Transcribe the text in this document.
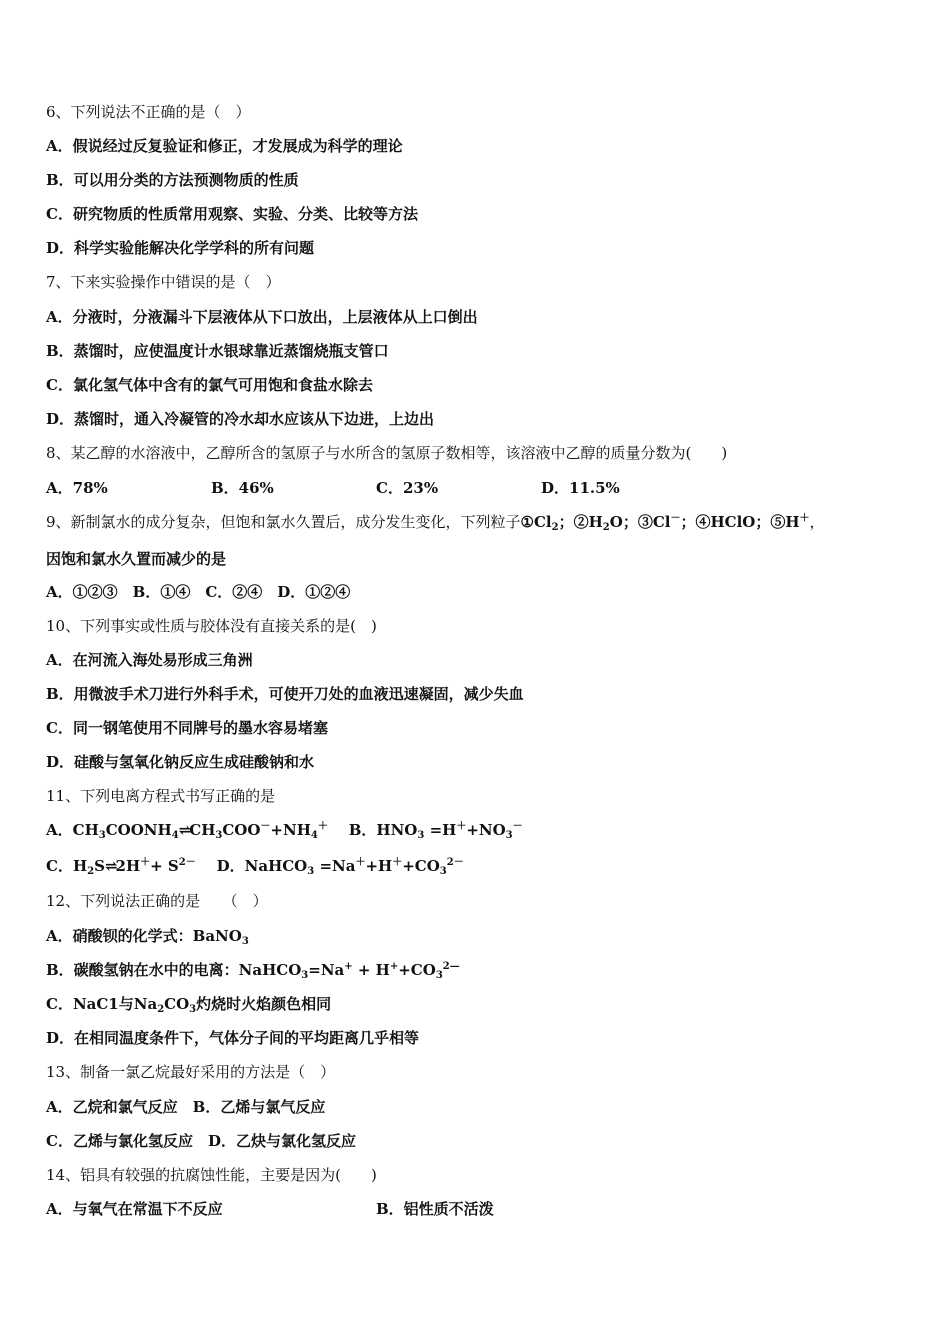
6、下列说法不正确的是（　）
A．假说经过反复验证和修正，才发展成为科学的理论
B．可以用分类的方法预测物质的性质
C．研究物质的性质常用观察、实验、分类、比较等方法
D．科学实验能解决化学学科的所有问题
7、下来实验操作中错误的是（　）
A．分液时，分液漏斗下层液体从下口放出，上层液体从上口倒出
B．蒸馏时，应使温度计水银球靠近蒸馏烧瓶支管口
C．氯化氢气体中含有的氯气可用饱和食盐水除去
D．蒸馏时，通入冷凝管的冷水却水应该从下边进，上边出
8、某乙醇的水溶液中，乙醇所含的氢原子与水所含的氢原子数相等，该溶液中乙醇的质量分数为(　　)
A．78%	B．46%	C．23%	D．11.5%
9、新制氯水的成分复杂，但饱和氯水久置后，成分发生变化，下列粒子$①Cl_2$；$②H_2O$；③Cl－；④HClO；⑤H＋，
因饱和氯水久置而减少的是
A．①②③　B．①④　C．②④　D．①②④
10、下列事实或性质与胶体没有直接关系的是(　)
A．在河流入海处易形成三角洲
B．用微波手术刀进行外科手术，可使开刀处的血液迅速凝固，减少失血
C．同一钢笔使用不同牌号的墨水容易堵塞
D．硅酸与氢氧化钠反应生成硅酸钠和水
11、下列电离方程式书写正确的是
A．$CH_3COONH_4\rightleftharpoons CH_3COO^-+NH_4^+$ B．$HNO_3 =H^++NO_3^-$
C．$H_2S\rightleftharpoons 2H^++ S^{2-}$ D．NaHCO$_3$ $=Na^++H^++CO_3^{2-}$
12、下列说法正确的是　　（　）
A．硝酸钡的化学式：BaNO$_3$
B．碳酸氢钠在水中的电离：NaHCO$_3$=Na+ + $H^++CO_3^{2—}$
C．NaC1与$Na_2CO_3$灼烧时火焰颜色相同
D．在相同温度条件下，气体分子间的平均距离几乎相等
13、制备一氯乙烷最好采用的方法是（　）
A．乙烷和氯气反应　B．乙烯与氯气反应
C．乙烯与氯化氢反应　D．乙炔与氯化氢反应
14、铝具有较强的抗腐蚀性能，主要是因为(　　)
A．与氧气在常温下不反应	B．铝性质不活泼
